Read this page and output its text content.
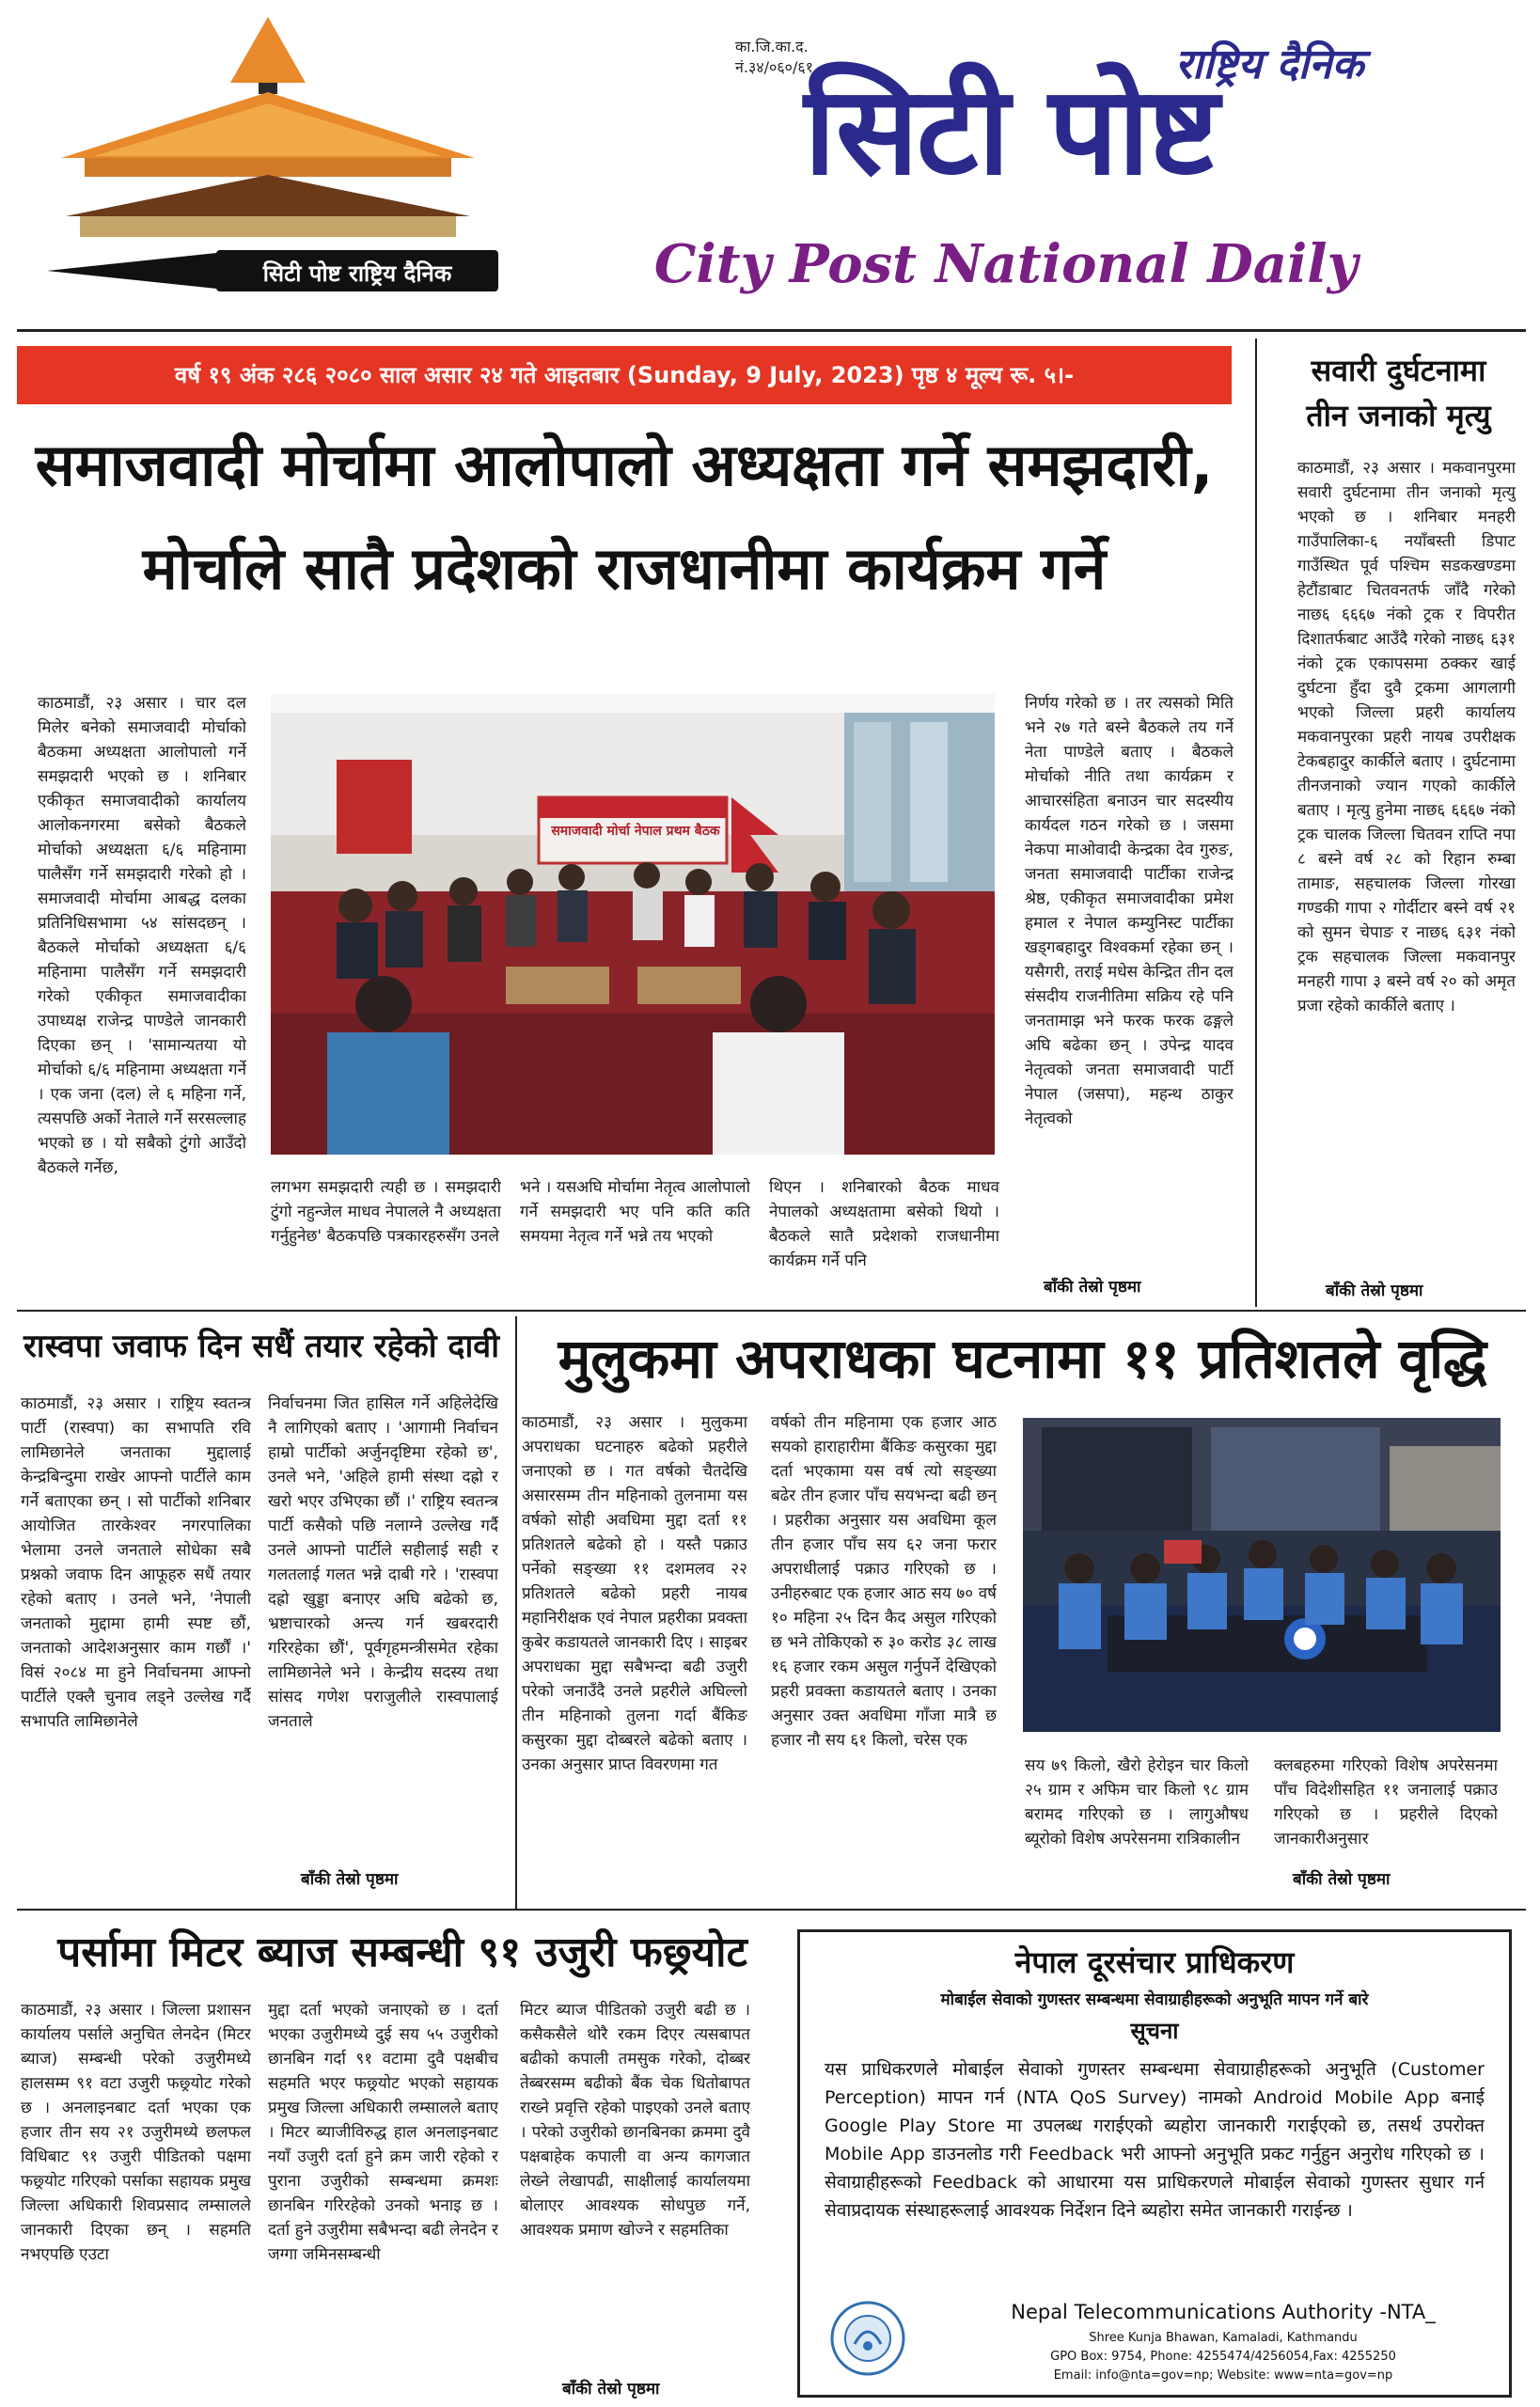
सिटी पोष्ट राष्ट्रिय दैनिक
का.जि.का.द.
नं.३४/०६०/६१	राष्ट्रिय दैनिक
सिटी पोष्ट
City Post National Daily
वर्ष १९ अंक २८६ २०८० साल असार २४ गते आइतबार (Sunday, 9 July, 2023) पृष्ठ ४ मूल्य रू. ५।-
समाजवादी मोर्चामा आलोपालो अध्यक्षता गर्ने समझदारी,
मोर्चाले सातै प्रदेशको राजधानीमा कार्यक्रम गर्ने
काठमाडौं, २३ असार । चार दल मिलेर बनेको समाजवादी मोर्चाको बैठकमा अध्यक्षता आलोपालो गर्ने समझदारी भएको छ । शनिबार एकीकृत समाजवादीको कार्यालय आलोकनगरमा बसेको बैठकले मोर्चाको अध्यक्षता ६/६ महिनामा पालैसँग गर्ने समझदारी गरेको हो । समाजवादी मोर्चामा आबद्ध दलका प्रतिनिधिसभामा ५४ सांसदछन् । बैठकले मोर्चाको अध्यक्षता ६/६ महिनामा पालैसँग गर्ने समझदारी गरेको एकीकृत समाजवादीका उपाध्यक्ष राजेन्द्र पाण्डेले जानकारी दिएका छन् । 'सामान्यतया यो मोर्चाको ६/६ महिनामा अध्यक्षता गर्ने । एक जना (दल) ले ६ महिना गर्ने, त्यसपछि अर्को नेताले गर्ने सरसल्लाह भएको छ । यो सबैको टुंगो आउँदो बैठकले गर्नेछ,
समाजवादी मोर्चा नेपाल प्रथम बैठक
लगभग समझदारी त्यही छ । समझदारी टुंगो नहुन्जेल माधव नेपालले नै अध्यक्षता गर्नुहुनेछ' बैठकपछि पत्रकारहरुसँग उनले
भने । यसअघि मोर्चामा नेतृत्व आलोपालो गर्ने समझदारी भए पनि कति कति समयमा नेतृत्व गर्ने भन्ने तय भएको
थिएन । शनिबारको बैठक माधव नेपालको अध्यक्षतामा बसेको थियो । बैठकले सातै प्रदेशको राजधानीमा कार्यक्रम गर्ने पनि
निर्णय गरेको छ । तर त्यसको मिति भने २७ गते बस्ने बैठकले तय गर्ने नेता पाण्डेले बताए । बैठकले मोर्चाको नीति तथा कार्यक्रम र आचारसंहिता बनाउन चार सदस्यीय कार्यदल गठन गरेको छ । जसमा नेकपा माओवादी केन्द्रका देव गुरुङ, जनता समाजवादी पार्टीका राजेन्द्र श्रेष्ठ, एकीकृत समाजवादीका प्रमेश हमाल र नेपाल कम्युनिस्ट पार्टीका खड्गबहादुर विश्वकर्मा रहेका छन् । यसैगरी, तराई मधेस केन्द्रित तीन दल संसदीय राजनीतिमा सक्रिय रहे पनि जनतामाझ भने फरक फरक ढङ्गले अघि बढेका छन् । उपेन्द्र यादव नेतृत्वको जनता समाजवादी पार्टी नेपाल (जसपा), महन्थ ठाकुर नेतृत्वको
बाँकी तेस्रो पृष्ठमा
सवारी दुर्घटनामा
तीन जनाको मृत्यु
काठमाडौं, २३ असार । मकवानपुरमा सवारी दुर्घटनामा तीन जनाको मृत्यु भएको छ । शनिबार मनहरी गाउँपालिका-६ नयाँबस्ती डिपाट गाउँस्थित पूर्व पश्चिम सडकखण्डमा हेटौंडाबाट चितवनतर्फ जाँदै गरेको नाछ६ ६६६७ नंको ट्रक र विपरीत दिशातर्फबाट आउँदै गरेको नाछ६ ६३१ नंको ट्रक एकापसमा ठक्कर खाई दुर्घटना हुँदा दुवै ट्रकमा आगलागी भएको जिल्ला प्रहरी कार्यालय मकवानपुरका प्रहरी नायब उपरीक्षक टेकबहादुर कार्कीले बताए । दुर्घटनामा तीनजनाको ज्यान गएको कार्कीले बताए । मृत्यु हुनेमा नाछ६ ६६६७ नंको ट्रक चालक जिल्ला चितवन राप्ति नपा ८ बस्ने वर्ष २८ को रिहान रुम्बा तामाङ, सहचालक जिल्ला गोरखा गण्डकी गापा २ गोर्दीटार बस्ने वर्ष २१ को सुमन चेपाङ र नाछ६ ६३१ नंको ट्रक सहचालक जिल्ला मकवानपुर मनहरी गापा ३ बस्ने वर्ष २० को अमृत प्रजा रहेको कार्कीले बताए ।
बाँकी तेस्रो पृष्ठमा
रास्वपा जवाफ दिन सधैं तयार रहेको दावी
काठमाडौं, २३ असार । राष्ट्रिय स्वतन्त्र पार्टी (रास्वपा) का सभापति रवि लामिछानेले जनताका मुद्दालाई केन्द्रबिन्दुमा राखेर आफ्नो पार्टीले काम गर्ने बताएका छन् । सो पार्टीको शनिबार आयोजित तारकेश्वर नगरपालिका भेलामा उनले जनताले सोधेका सबै प्रश्नको जवाफ दिन आफूहरु सधैं तयार रहेको बताए । उनले भने, 'नेपाली जनताको मुद्दामा हामी स्पष्ट छौं, जनताको आदेशअनुसार काम गर्छौं ।' विसं २०८४ मा हुने निर्वाचनमा आफ्नो पार्टीले एक्लै चुनाव लड्ने उल्लेख गर्दै सभापति लामिछानेले
निर्वाचनमा जित हासिल गर्ने अहिलेदेखि नै लागिएको बताए । 'आगामी निर्वाचन हाम्रो पार्टीको अर्जुनदृष्टिमा रहेको छ', उनले भने, 'अहिले हामी संस्था दह्रो र खरो भएर उभिएका छौं ।' राष्ट्रिय स्वतन्त्र पार्टी कसैको पछि नलाग्ने उल्लेख गर्दै उनले आफ्नो पार्टीले सहीलाई सही र गलतलाई गलत भन्ने दाबी गरे । 'रास्वपा दह्रो खुड्डा बनाएर अघि बढेको छ, भ्रष्टाचारको अन्त्य गर्न खबरदारी गरिरहेका छौं', पूर्वगृहमन्त्रीसमेत रहेका लामिछानेले भने । केन्द्रीय सदस्य तथा सांसद गणेश पराजुलीले रास्वपालाई जनताले
बाँकी तेस्रो पृष्ठमा
मुलुकमा अपराधका घटनामा ११ प्रतिशतले वृद्धि
काठमाडौं, २३ असार । मुलुकमा अपराधका घटनाहरु बढेको प्रहरीले जनाएको छ । गत वर्षको चैतदेखि असारसम्म तीन महिनाको तुलनामा यस वर्षको सोही अवधिमा मुद्दा दर्ता ११ प्रतिशतले बढेको हो । यस्तै पक्राउ पर्नेको सङ्ख्या ११ दशमलव २२ प्रतिशतले बढेको प्रहरी नायब महानिरीक्षक एवं नेपाल प्रहरीका प्रवक्ता कुबेर कडायतले जानकारी दिए । साइबर अपराधका मुद्दा सबैभन्दा बढी उजुरी परेको जनाउँदै उनले प्रहरीले अघिल्लो तीन महिनाको तुलना गर्दा बैंकिङ कसुरका मुद्दा दोब्बरले बढेको बताए । उनका अनुसार प्राप्त विवरणमा गत
वर्षको तीन महिनामा एक हजार आठ सयको हाराहारीमा बैंकिङ कसुरका मुद्दा दर्ता भएकामा यस वर्ष त्यो सङ्ख्या बढेर तीन हजार पाँच सयभन्दा बढी छन् । प्रहरीका अनुसार यस अवधिमा कूल तीन हजार पाँच सय ६२ जना फरार अपराधीलाई पक्राउ गरिएको छ । उनीहरुबाट एक हजार आठ सय ७० वर्ष १० महिना २५ दिन कैद असुल गरिएको छ भने तोकिएको रु ३० करोड ३८ लाख १६ हजार रकम असुल गर्नुपर्ने देखिएको प्रहरी प्रवक्ता कडायतले बताए । उनका अनुसार उक्त अवधिमा गाँजा मात्रै छ हजार नौ सय ६१ किलो, चरेस एक
सय ७९ किलो, खैरो हेरोइन चार किलो २५ ग्राम र अफिम चार किलो ९८ ग्राम बरामद गरिएको छ । लागुऔषध ब्यूरोको विशेष अपरेसनमा रात्रिकालीन
क्लबहरुमा गरिएको विशेष अपरेसनमा पाँच विदेशीसहित ११ जनालाई पक्राउ गरिएको छ । प्रहरीले दिएको जानकारीअनुसार
बाँकी तेस्रो पृष्ठमा
पर्सामा मिटर ब्याज सम्बन्धी ९१ उजुरी फछ्र्योट
काठमाडौं, २३ असार । जिल्ला प्रशासन कार्यालय पर्साले अनुचित लेनदेन (मिटर ब्याज) सम्बन्धी परेको उजुरीमध्ये हालसम्म ९१ वटा उजुरी फछ्र्योट गरेको छ । अनलाइनबाट दर्ता भएका एक हजार तीन सय २१ उजुरीमध्ये छलफल विधिबाट ९१ उजुरी पीडितको पक्षमा फछ्र्योट गरिएको पर्साका सहायक प्रमुख जिल्ला अधिकारी शिवप्रसाद लम्सालले जानकारी दिएका छन् । सहमति नभएपछि एउटा
मुद्दा दर्ता भएको जनाएको छ । दर्ता भएका उजुरीमध्ये दुई सय ५५ उजुरीको छानबिन गर्दा ९१ वटामा दुवै पक्षबीच सहमति भएर फछ्र्योट भएको सहायक प्रमुख जिल्ला अधिकारी लम्सालले बताए । मिटर ब्याजीविरुद्ध हाल अनलाइनबाट नयाँ उजुरी दर्ता हुने क्रम जारी रहेको र पुराना उजुरीको सम्बन्धमा क्रमशः छानबिन गरिरहेको उनको भनाइ छ । दर्ता हुने उजुरीमा सबैभन्दा बढी लेनदेन र जग्गा जमिनसम्बन्धी
मिटर ब्याज पीडितको उजुरी बढी छ । कसैकसैले थोरै रकम दिएर त्यसबापत बढीको कपाली तमसुक गरेको, दोब्बर तेब्बरसम्म बढीको बैंक चेक धितोबापत राख्ने प्रवृत्ति रहेको पाइएको उनले बताए । परेको उजुरीको छानबिनका क्रममा दुवै पक्षबाहेक कपाली वा अन्य कागजात लेख्ने लेखापढी, साक्षीलाई कार्यालयमा बोलाएर आवश्यक सोधपुछ गर्ने, आवश्यक प्रमाण खोज्ने र सहमतिका
बाँकी तेस्रो पृष्ठमा
नेपाल दूरसंचार प्राधिकरण
मोबाईल सेवाको गुणस्तर सम्बन्धमा सेवाग्राहीहरूको अनुभूति मापन गर्ने बारे
सूचना
यस प्राधिकरणले मोबाईल सेवाको गुणस्तर सम्बन्धमा सेवाग्राहीहरूको अनुभूति (Customer Perception) मापन गर्न (NTA QoS Survey) नामको Android Mobile App बनाई Google Play Store मा उपलब्ध गराईएको ब्यहोरा जानकारी गराईएको छ, तसर्थ उपरोक्त Mobile App डाउनलोड गरी Feedback भरी आफ्नो अनुभूति प्रकट गर्नुहुन अनुरोध गरिएको छ । सेवाग्राहीहरूको Feedback को आधारमा यस प्राधिकरणले मोबाईल सेवाको गुणस्तर सुधार गर्न सेवाप्रदायक संस्थाहरूलाई आवश्यक निर्देशन दिने ब्यहोरा समेत जानकारी गराईन्छ ।
Nepal Telecommunications Authority -NTA_
Shree Kunja Bhawan, Kamaladi, Kathmandu
GPO Box: 9754, Phone: 4255474/4256054,Fax: 4255250
Email: info@nta=gov=np; Website: www=nta=gov=np
